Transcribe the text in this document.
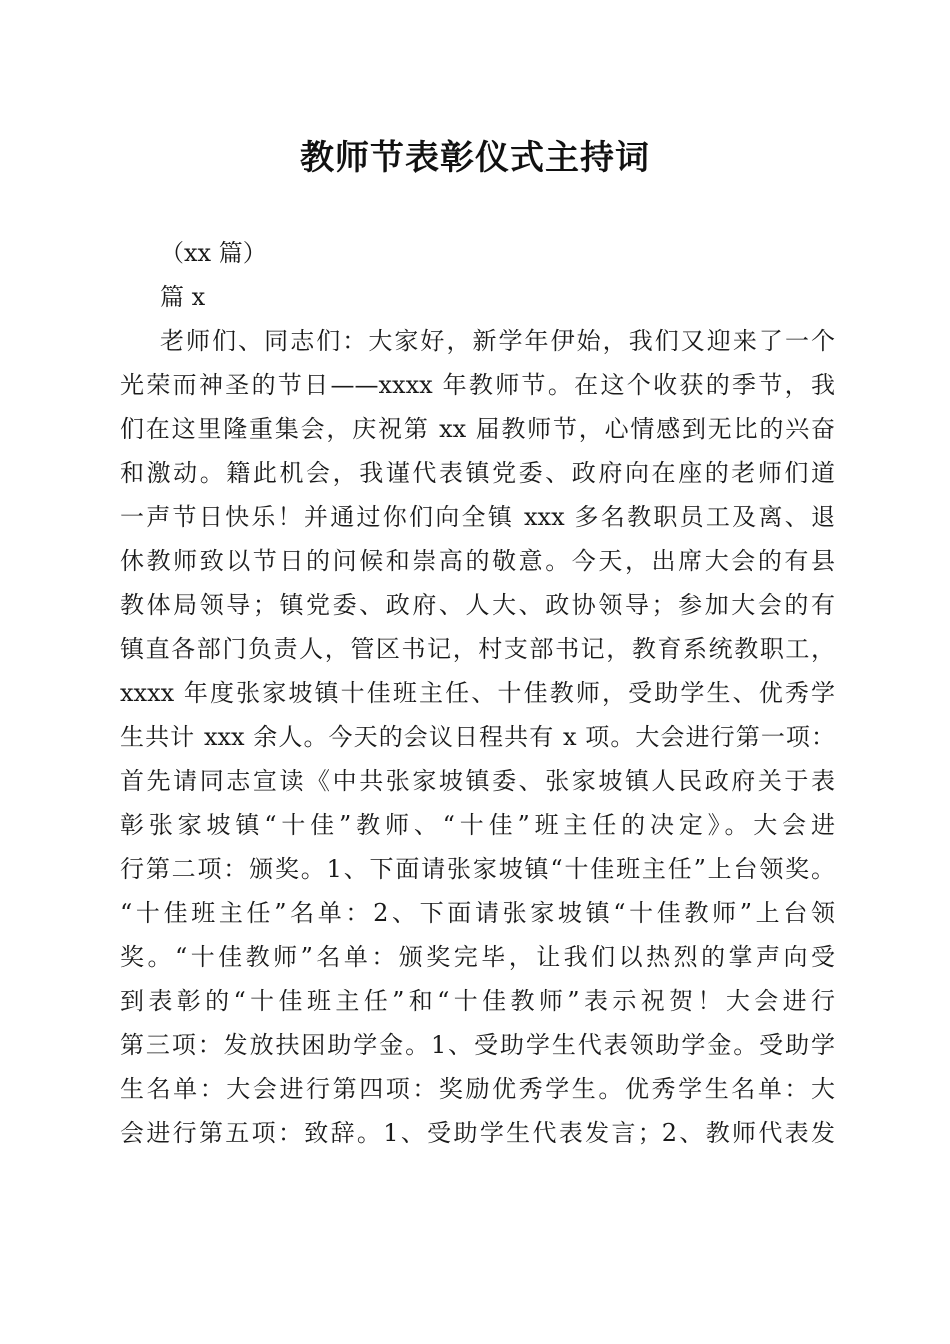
教师节表彰仪式主持词
（xx 篇）
篇 x
老师们、同志们：大家好，新学年伊始，我们又迎来了一个
光荣而神圣的节日——xxxx 年教师节。在这个收获的季节，我
们在这里隆重集会，庆祝第 xx 届教师节，心情感到无比的兴奋
和激动。籍此机会，我谨代表镇党委、政府向在座的老师们道
一声节日快乐！并通过你们向全镇 xxx 多名教职员工及离、退
休教师致以节日的问候和崇高的敬意。今天，出席大会的有县
教体局领导；镇党委、政府、人大、政协领导；参加大会的有
镇直各部门负责人，管区书记，村支部书记，教育系统教职工，
xxxx 年度张家坡镇十佳班主任、十佳教师，受助学生、优秀学
生共计 xxx 余人。今天的会议日程共有 x 项。大会进行第一项：
首先请同志宣读《中共张家坡镇委、张家坡镇人民政府关于表
彰张家坡镇“十佳”教师、“十佳”班主任的决定》。大会进
行第二项：颁奖。1、下面请张家坡镇“十佳班主任”上台领奖。
“十佳班主任”名单：2、下面请张家坡镇“十佳教师”上台领
奖。“十佳教师”名单：颁奖完毕，让我们以热烈的掌声向受
到表彰的“十佳班主任”和“十佳教师”表示祝贺！大会进行
第三项：发放扶困助学金。1、受助学生代表领助学金。受助学
生名单：大会进行第四项：奖励优秀学生。优秀学生名单：大
会进行第五项：致辞。1、受助学生代表发言；2、教师代表发
